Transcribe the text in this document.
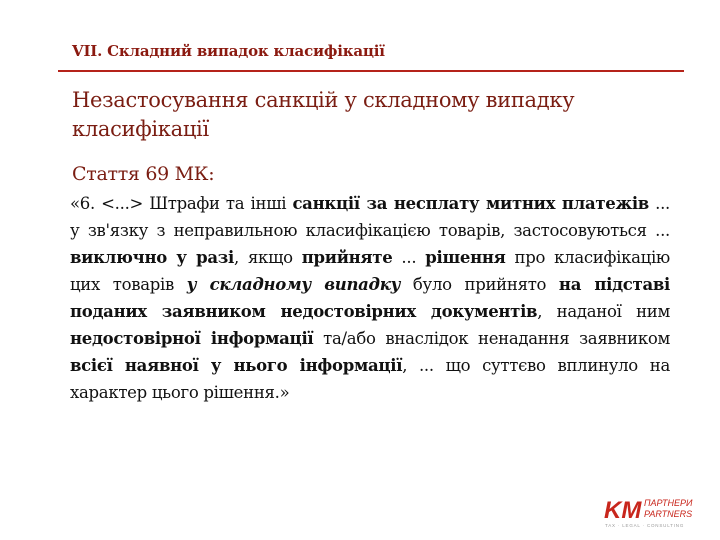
VII. Складний випадок класифікації
Незастосування санкцій у складному випадку класифікації
Стаття 69 МК:
«6. <...> Штрафи та інші санкції за несплату митних платежів ... у зв'язку з неправильною класифікацією товарів, застосовуються ... виключно у разі, якщо прийняте ... рішення про класифікацію цих товарів у складному випадку було прийнято на підставі поданих заявником недостовірних документів, наданої ним недостовірної інформації та/або внаслідок ненадання заявником всієї наявної у нього інформації, ... що суттєво вплинуло на характер цього рішення.»
KM ПАРТНЕРИ
PARTNERS
TAX · LEGAL · CONSULTING
